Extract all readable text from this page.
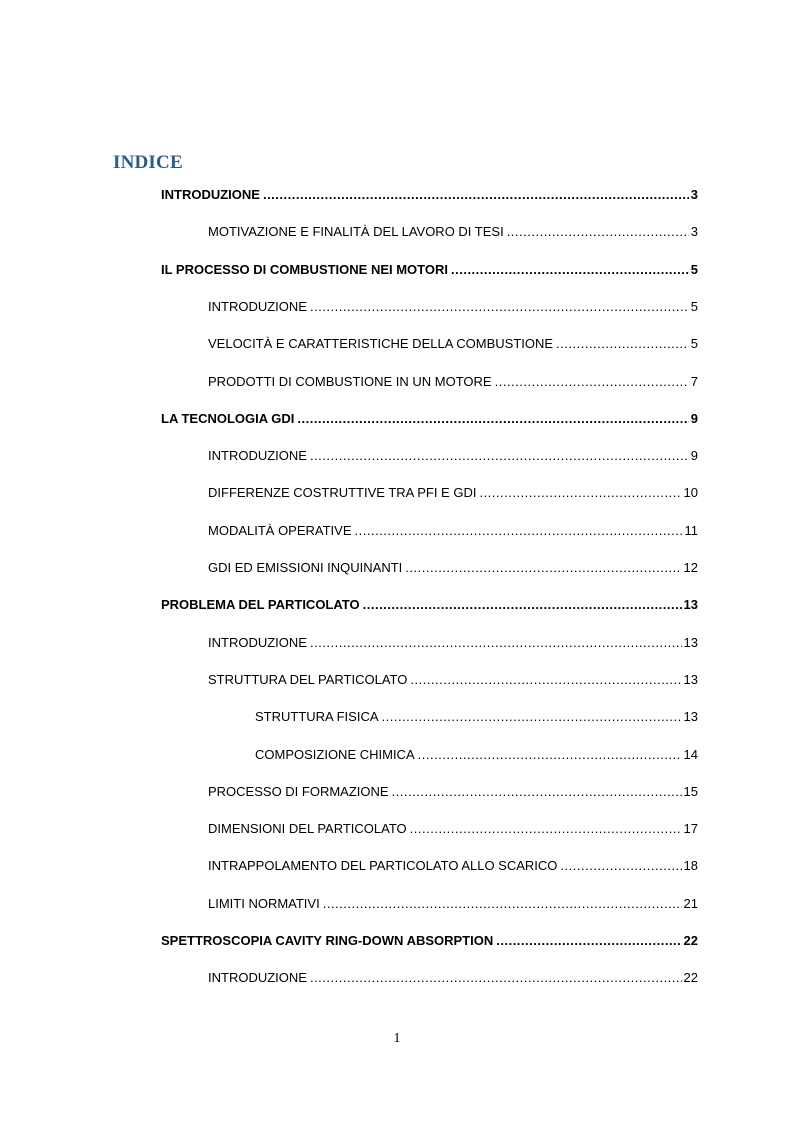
INDICE
INTRODUZIONE .....	3
MOTIVAZIONE E FINALITÀ DEL LAVORO DI TESI .....	3
IL PROCESSO DI COMBUSTIONE NEI MOTORI .....	5
INTRODUZIONE .....	5
VELOCITÀ E CARATTERISTICHE DELLA COMBUSTIONE .....	5
PRODOTTI DI COMBUSTIONE IN UN MOTORE .....	7
LA TECNOLOGIA GDI .....	9
INTRODUZIONE .....	9
DIFFERENZE COSTRUTTIVE TRA PFI E GDI .....	10
MODALITÀ OPERATIVE .....	11
GDI ED EMISSIONI INQUINANTI .....	12
PROBLEMA DEL PARTICOLATO .....	13
INTRODUZIONE .....	13
STRUTTURA DEL PARTICOLATO .....	13
STRUTTURA FISICA .....	13
COMPOSIZIONE CHIMICA .....	14
PROCESSO DI FORMAZIONE .....	15
DIMENSIONI DEL PARTICOLATO .....	17
INTRAPPOLAMENTO DEL PARTICOLATO ALLO SCARICO .....	18
LIMITI NORMATIVI .....	21
SPETTROSCOPIA CAVITY RING-DOWN ABSORPTION .....	22
INTRODUZIONE .....	22
1
